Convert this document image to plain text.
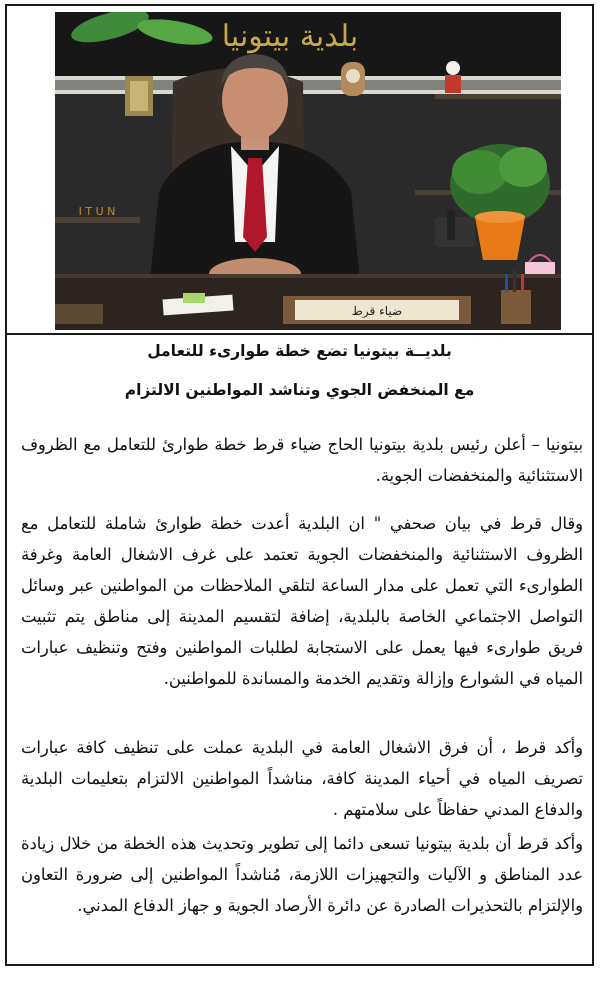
بلدية بيتونيا
I T U N
ضياء قرط
بلديــة بيتونيا تضع خطة طوارىء للتعامل
مع المنخفض الجوي وتناشد المواطنين الالتزام

بيتونيا – أعلن رئيس بلدية بيتونيا الحاج ضياء قرط خطة طوارئ للتعامل مع الظروف الاستثنائية والمنخفضات الجوية.

وقال قرط في بيان صحفي " ان البلدية أعدت خطة طوارئ شاملة للتعامل مع الظروف الاستثنائية والمنخفضات الجوية تعتمد على غرف الاشغال العامة وغرفة الطوارىء التي تعمل على مدار الساعة لتلقي الملاحظات من المواطنين عبر وسائل التواصل الاجتماعي الخاصة بالبلدية، إضافة لتقسيم المدينة إلى مناطق يتم تثبيت فريق طوارىء فيها يعمل على الاستجابة لطلبات المواطنين وفتح وتنظيف عبارات المياه في الشوارع وإزالة وتقديم الخدمة والمساندة للمواطنين.

وأكد قرط ، أن فرق الاشغال العامة في البلدية عملت على تنظيف كافة عبارات تصريف المياه في أحياء المدينة كافة، مناشداً المواطنين الالتزام بتعليمات البلدية والدفاع المدني حفاظاً على سلامتهم .

وأكد قرط أن بلدية بيتونيا تسعى دائما إلى تطوير وتحديث هذه الخطة من خلال زيادة عدد المناطق و الآليات والتجهيزات اللازمة، مُناشداً المواطنين إلى ضرورة التعاون والإلتزام بالتحذيرات الصادرة عن دائرة الأرصاد الجوية و جهاز الدفاع المدني.
